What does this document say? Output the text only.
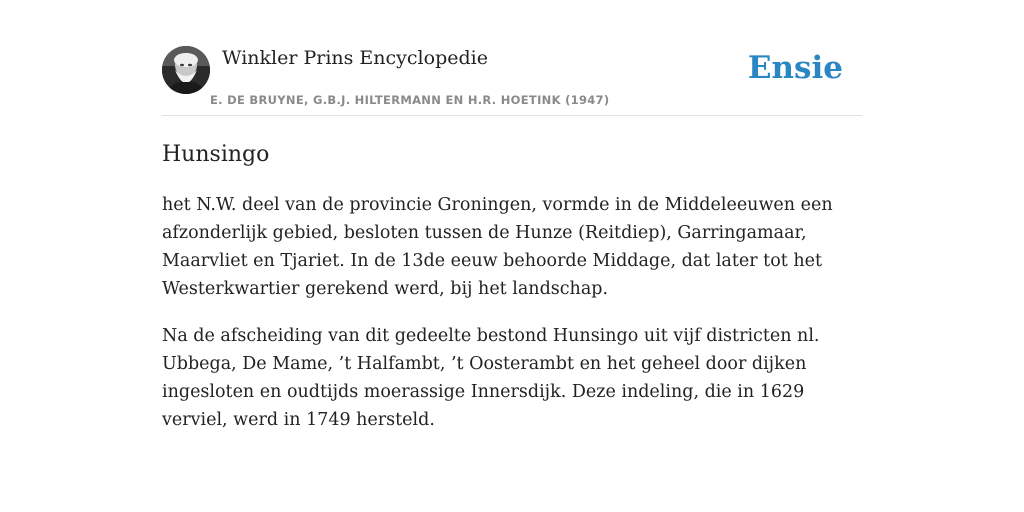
Winkler Prins Encyclopedie
E. DE BRUYNE, G.B.J. HILTERMANN EN H.R. HOETINK (1947)
Ensie
Hunsingo

het N.W. deel van de provincie Groningen, vormde in de Middeleeuwen een afzonderlijk gebied, besloten tussen de Hunze (Reitdiep), Garringamaar, Maarvliet en Tjariet. In de 13de eeuw behoorde Middage, dat later tot het Westerkwartier gerekend werd, bij het landschap.

Na de afscheiding van dit gedeelte bestond Hunsingo uit vijf districten nl. Ubbega, De Mame, ’t Halfambt, ’t Oosterambt en het geheel door dijken ingesloten en oudtijds moerassige Innersdijk. Deze indeling, die in 1629 verviel, werd in 1749 hersteld.
